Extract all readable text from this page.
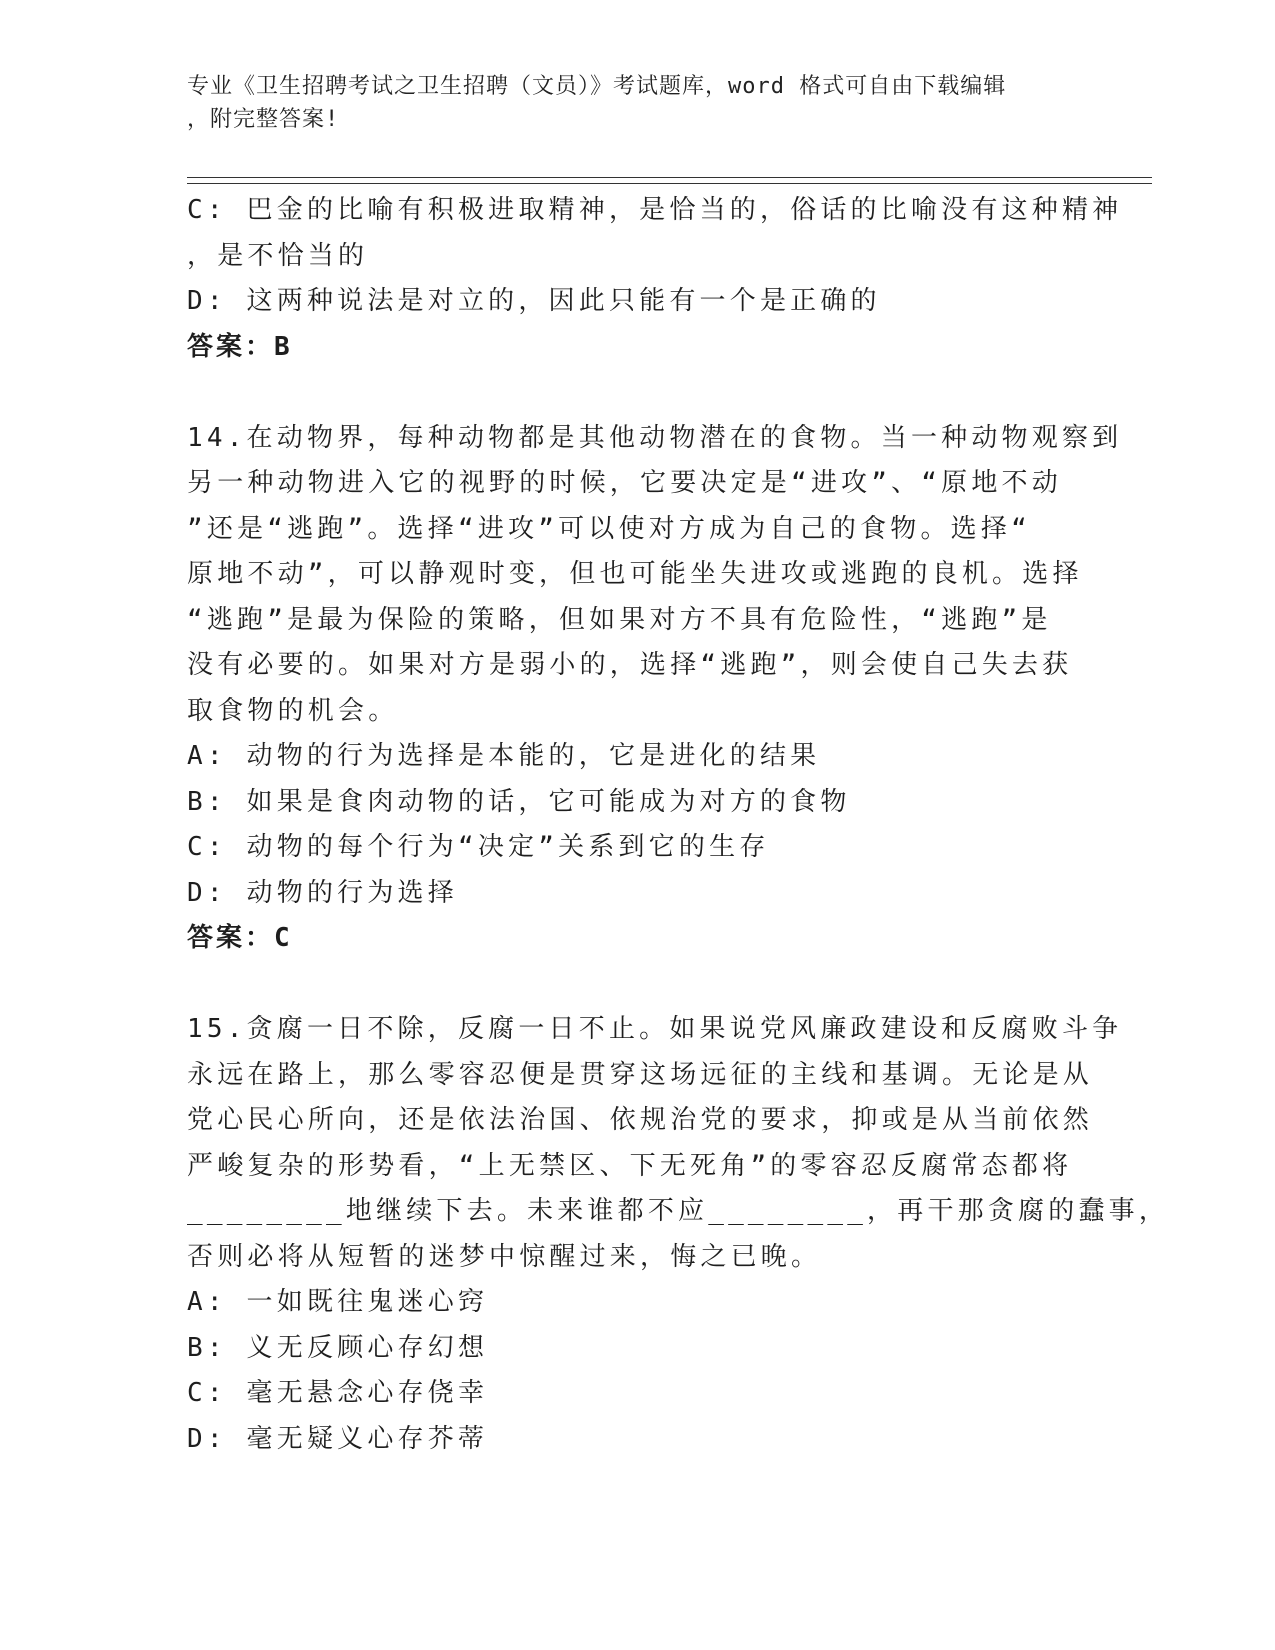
专业《卫生招聘考试之卫生招聘（文员）》考试题库，word 格式可自由下载编辑
，附完整答案!
C: 巴金的比喻有积极进取精神，是恰当的，俗话的比喻没有这种精神
，是不恰当的
D: 这两种说法是对立的，因此只能有一个是正确的
答案：B
14.在动物界，每种动物都是其他动物潜在的食物。当一种动物观察到
另一种动物进入它的视野的时候，它要决定是“进攻”、“原地不动
”还是“逃跑”。选择“进攻”可以使对方成为自己的食物。选择“
原地不动”，可以静观时变，但也可能坐失进攻或逃跑的良机。选择
“逃跑”是最为保险的策略，但如果对方不具有危险性，“逃跑”是
没有必要的。如果对方是弱小的，选择“逃跑”，则会使自己失去获
取食物的机会。
A: 动物的行为选择是本能的，它是进化的结果
B: 如果是食肉动物的话，它可能成为对方的食物
C: 动物的每个行为“决定”关系到它的生存
D: 动物的行为选择
答案：C
15.贪腐一日不除，反腐一日不止。如果说党风廉政建设和反腐败斗争
永远在路上，那么零容忍便是贯穿这场远征的主线和基调。无论是从
党心民心所向，还是依法治国、依规治党的要求，抑或是从当前依然
严峻复杂的形势看，“上无禁区、下无死角”的零容忍反腐常态都将
________地继续下去。未来谁都不应________，再干那贪腐的蠢事，
否则必将从短暂的迷梦中惊醒过来，悔之已晚。
A: 一如既往鬼迷心窍
B: 义无反顾心存幻想
C: 毫无悬念心存侥幸
D: 毫无疑义心存芥蒂
